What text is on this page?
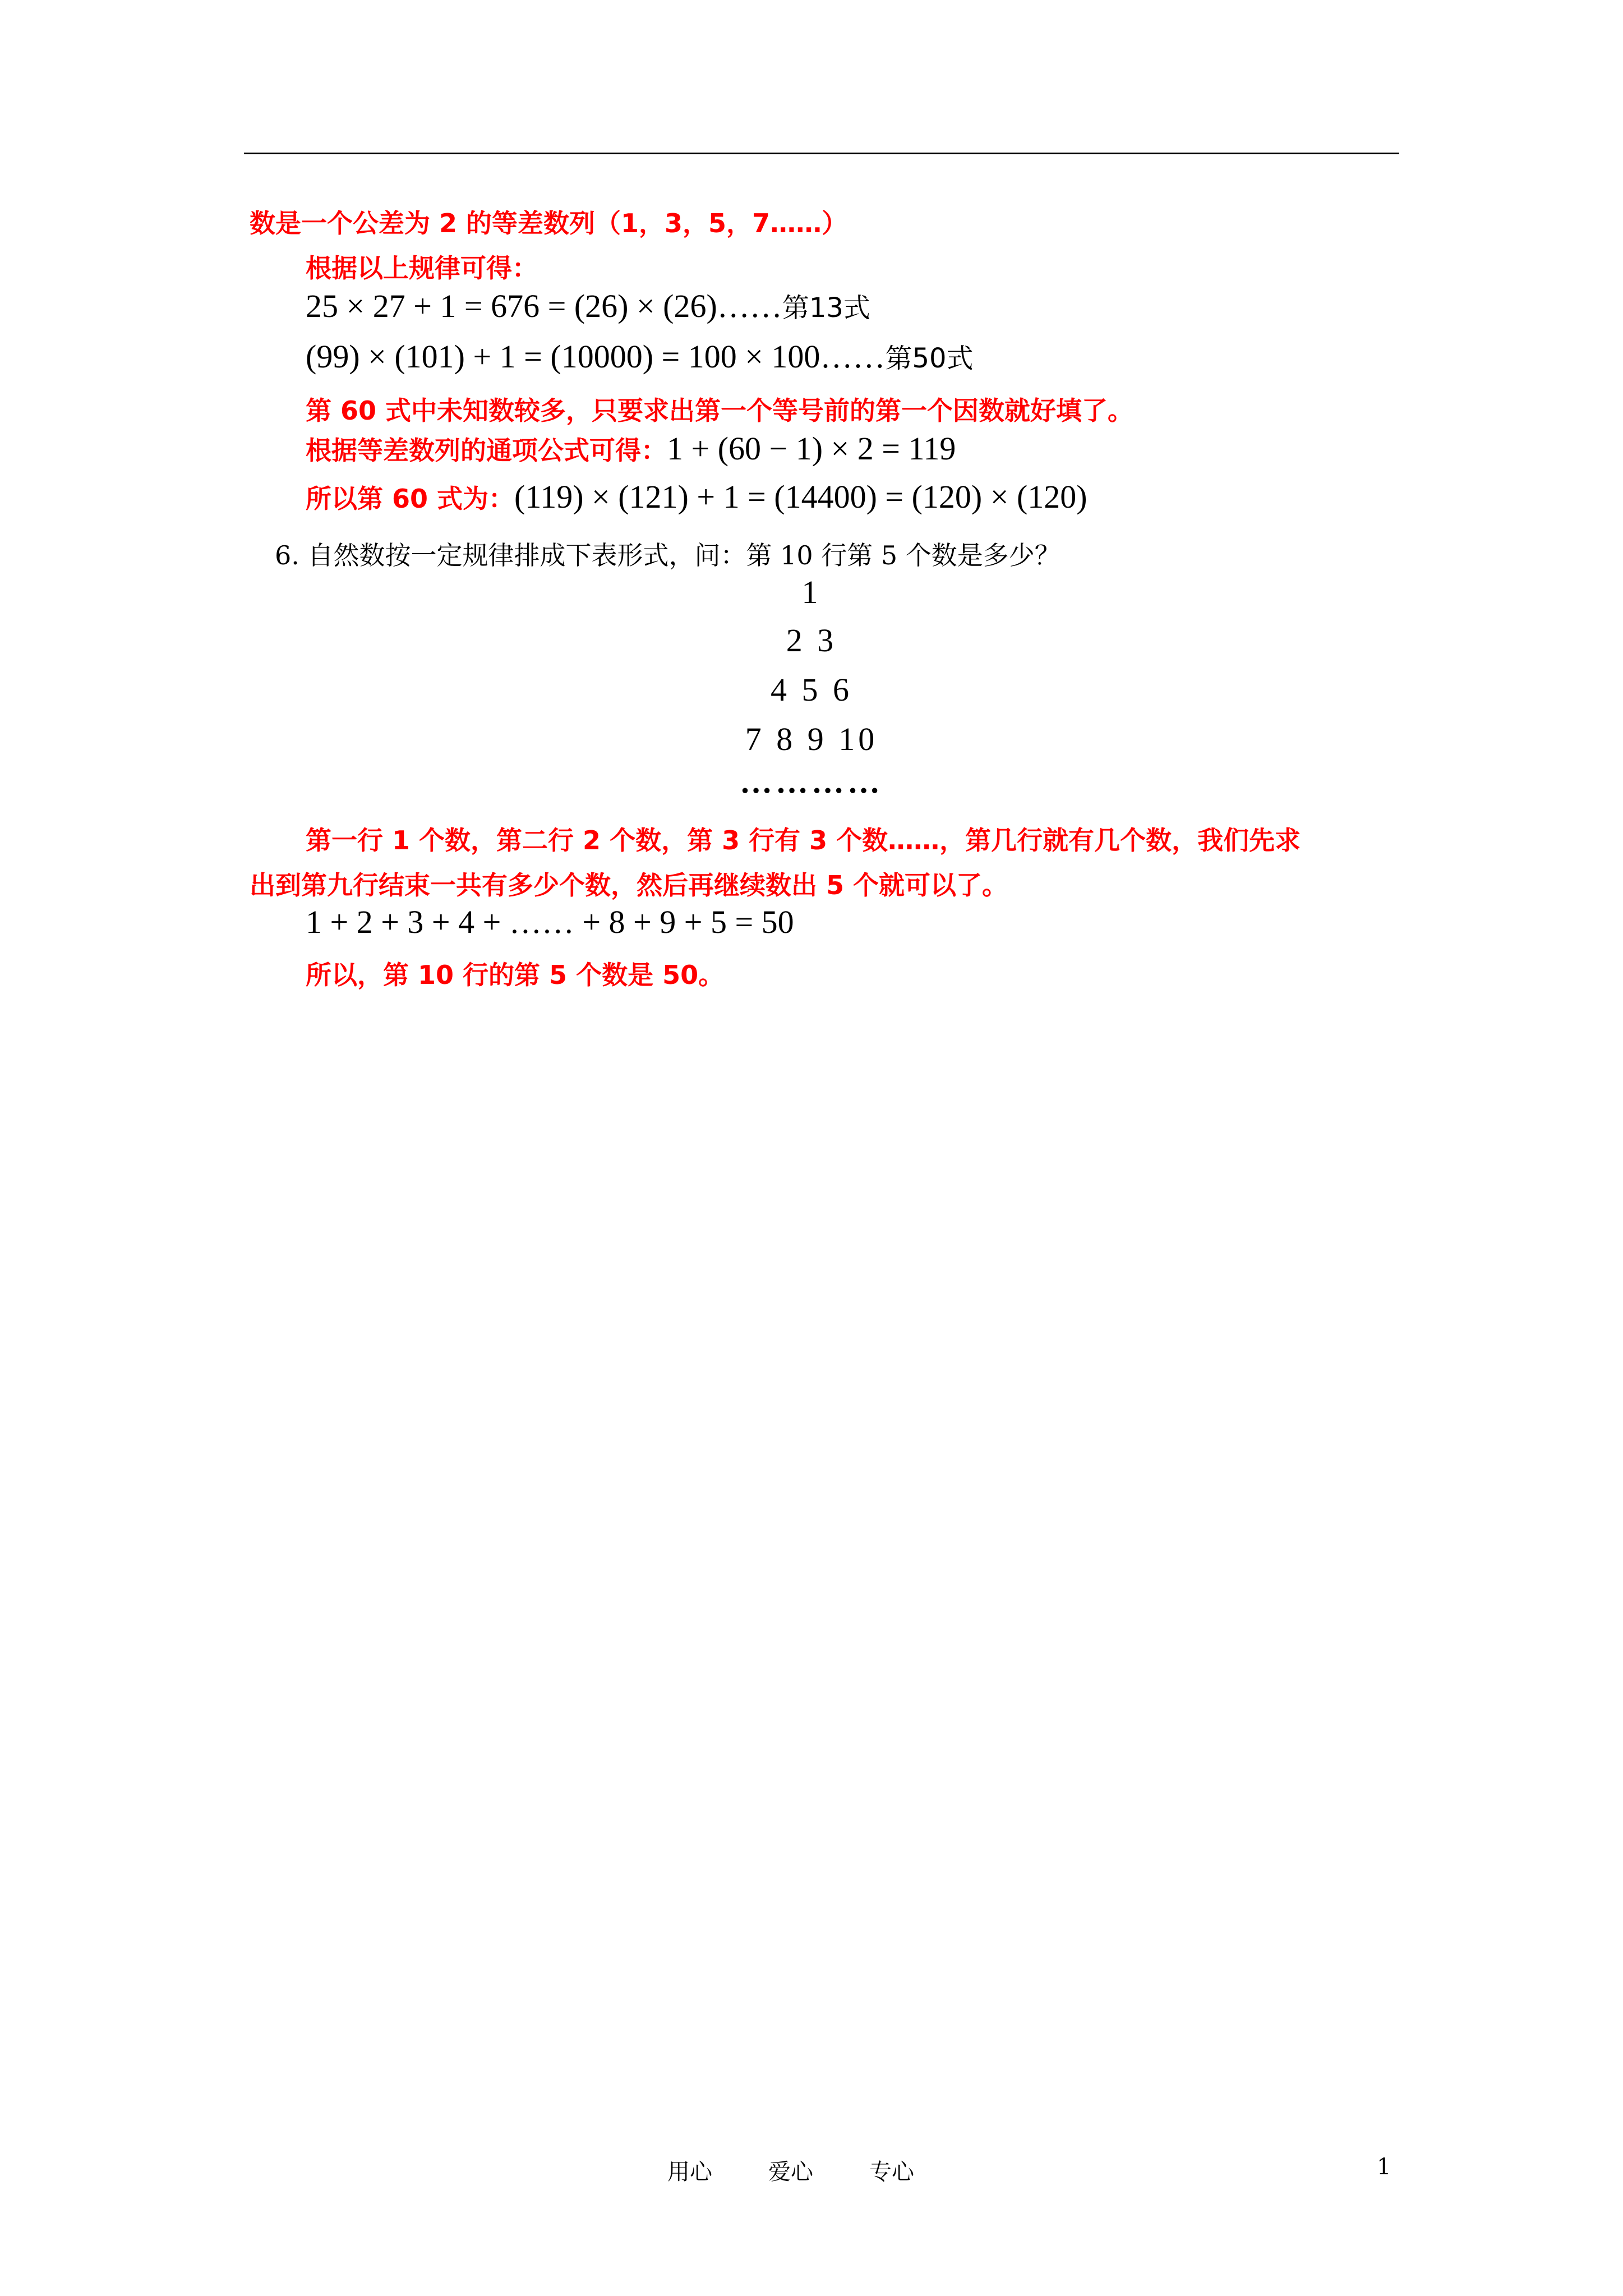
数是一个公差为 2 的等差数列（1，3，5，7……）
根据以上规律可得：
25 × 27 + 1 = 676 = (26) × (26)……第13式
(99) × (101) + 1 = (10000) = 100 × 100……第50式
第 60 式中未知数较多，只要求出第一个等号前的第一个因数就好填了。
根据等差数列的通项公式可得：1 + (60 − 1) × 2 = 119
所以第 60 式为：(119) × (121) + 1 = (14400) = (120) × (120)
6. 自然数按一定规律排成下表形式，问：第 10 行第 5 个数是多少？
1
2 3
4 5 6
7 8 9 10
…………
第一行 1 个数，第二行 2 个数，第 3 行有 3 个数……，第几行就有几个数，我们先求
出到第九行结束一共有多少个数，然后再继续数出 5 个就可以了。
1 + 2 + 3 + 4 + …… + 8 + 9 + 5 = 50
所以，第 10 行的第 5 个数是 50。
用心	爱心	专心	1
